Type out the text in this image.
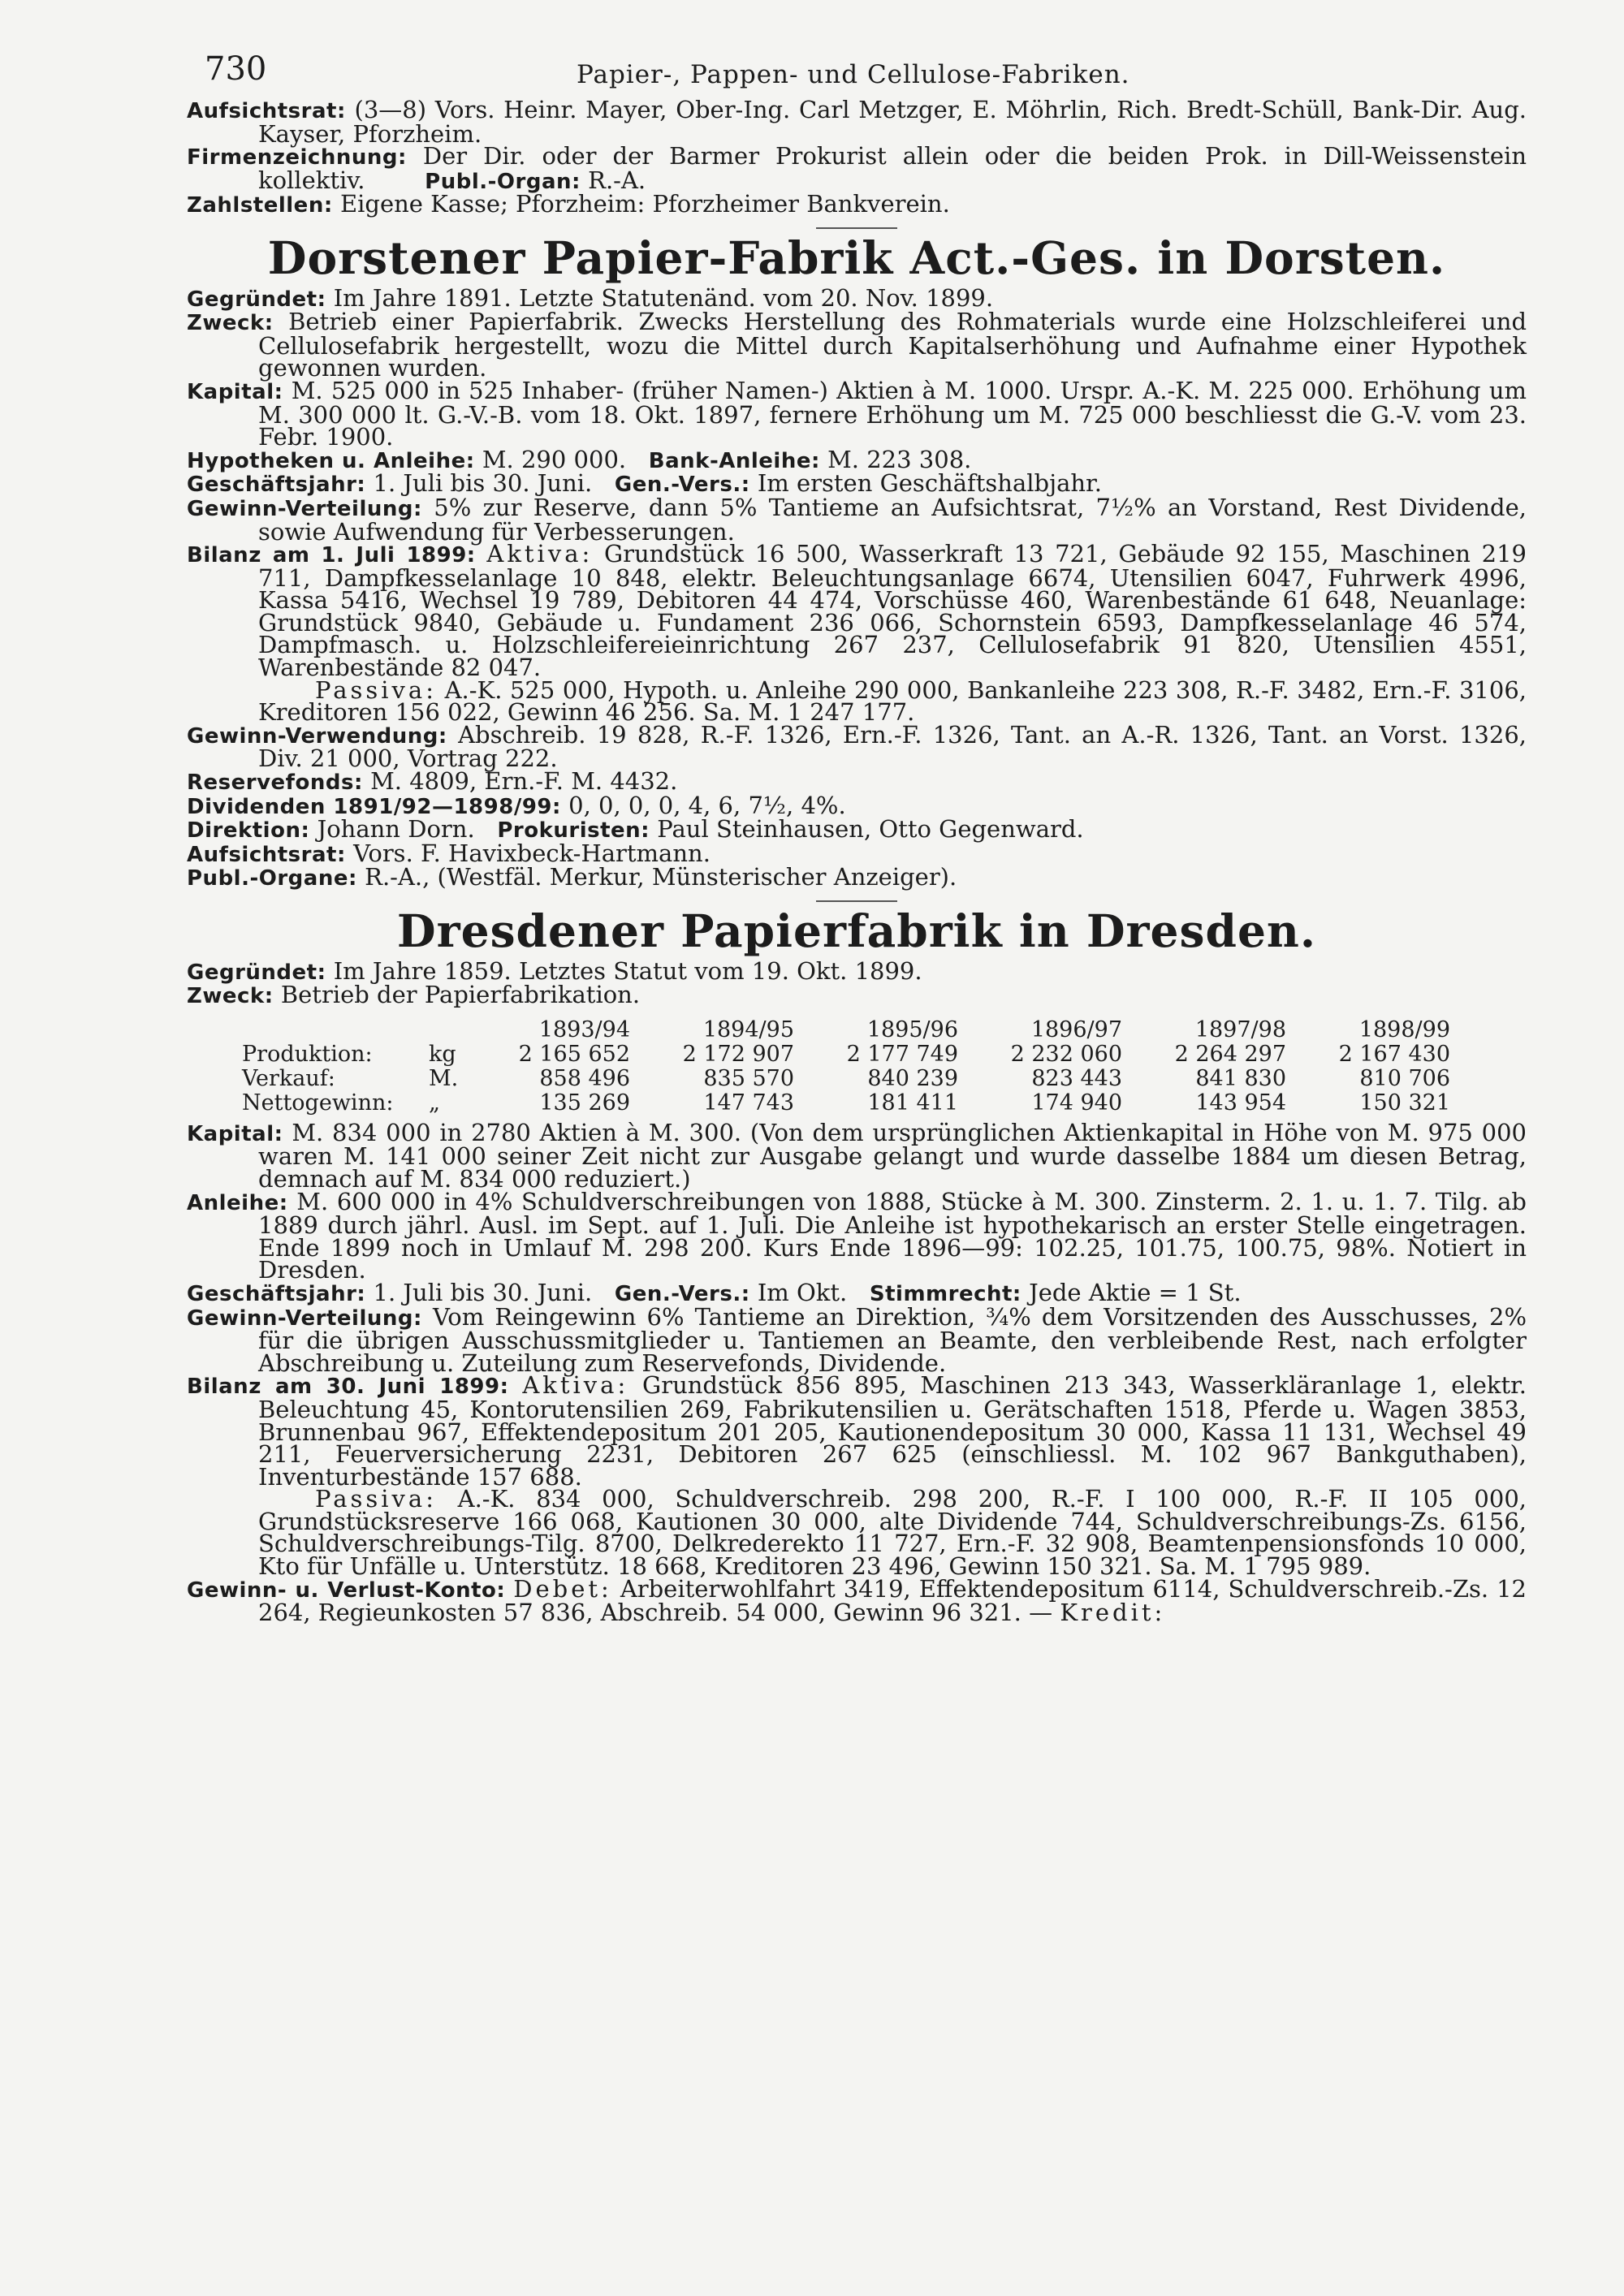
730	Papier-, Pappen- und Cellulose-Fabriken.

Aufsichtsrat: (3—8) Vors. Heinr. Mayer, Ober-Ing. Carl Metzger, E. Möhrlin, Rich. Bredt-Schüll, Bank-Dir. Aug. Kayser, Pforzheim.

Firmenzeichnung: Der Dir. oder der Barmer Prokurist allein oder die beiden Prok. in Dill-Weissenstein kollektiv.	Publ.-Organ: R.-A.

Zahlstellen: Eigene Kasse; Pforzheim: Pforzheimer Bankverein.

Dorstener Papier-Fabrik Act.-Ges. in Dorsten.

Gegründet: Im Jahre 1891. Letzte Statutenänd. vom 20. Nov. 1899.

Zweck: Betrieb einer Papierfabrik. Zwecks Herstellung des Rohmaterials wurde eine Holzschleiferei und Cellulosefabrik hergestellt, wozu die Mittel durch Kapitalserhöhung und Aufnahme einer Hypothek gewonnen wurden.

Kapital: M. 525 000 in 525 Inhaber- (früher Namen-) Aktien à M. 1000. Urspr. A.-K. M. 225 000. Erhöhung um M. 300 000 lt. G.-V.-B. vom 18. Okt. 1897, fernere Erhöhung um M. 725 000 beschliesst die G.-V. vom 23. Febr. 1900.

Hypotheken u. Anleihe: M. 290 000. Bank-Anleihe: M. 223 308.

Geschäftsjahr: 1. Juli bis 30. Juni. Gen.-Vers.: Im ersten Geschäftshalbjahr.

Gewinn-Verteilung: 5% zur Reserve, dann 5% Tantieme an Aufsichtsrat, 7½% an Vorstand, Rest Dividende, sowie Aufwendung für Verbesserungen.

Bilanz am 1. Juli 1899: Aktiva: Grundstück 16 500, Wasserkraft 13 721, Gebäude 92 155, Maschinen 219 711, Dampfkesselanlage 10 848, elektr. Beleuchtungsanlage 6674, Utensilien 6047, Fuhrwerk 4996, Kassa 5416, Wechsel 19 789, Debitoren 44 474, Vorschüsse 460, Warenbestände 61 648, Neuanlage: Grundstück 9840, Gebäude u. Fundament 236 066, Schornstein 6593, Dampfkesselanlage 46 574, Dampfmasch. u. Holzschleifereieinrichtung 267 237, Cellulosefabrik 91 820, Utensilien 4551, Warenbestände 82 047.

Passiva: A.-K. 525 000, Hypoth. u. Anleihe 290 000, Bankanleihe 223 308, R.-F. 3482, Ern.-F. 3106, Kreditoren 156 022, Gewinn 46 256. Sa. M. 1 247 177.

Gewinn-Verwendung: Abschreib. 19 828, R.-F. 1326, Ern.-F. 1326, Tant. an A.-R. 1326, Tant. an Vorst. 1326, Div. 21 000, Vortrag 222.

Reservefonds: M. 4809, Ern.-F. M. 4432.

Dividenden 1891/92—1898/99: 0, 0, 0, 0, 4, 6, 7½, 4%.

Direktion: Johann Dorn. Prokuristen: Paul Steinhausen, Otto Gegenward.

Aufsichtsrat: Vors. F. Havixbeck-Hartmann.

Publ.-Organe: R.-A., (Westfäl. Merkur, Münsterischer Anzeiger).

Dresdener Papierfabrik in Dresden.

Gegründet: Im Jahre 1859. Letztes Statut vom 19. Okt. 1899.

Zweck: Betrieb der Papierfabrikation.

		1893/94	1894/95	1895/96	1896/97	1897/98	1898/99
Produktion:	kg	2 165 652	2 172 907	2 177 749	2 232 060	2 264 297	2 167 430
Verkauf:	M.	858 496	835 570	840 239	823 443	841 830	810 706
Nettogewinn:	„	135 269	147 743	181 411	174 940	143 954	150 321

Kapital: M. 834 000 in 2780 Aktien à M. 300. (Von dem ursprünglichen Aktienkapital in Höhe von M. 975 000 waren M. 141 000 seiner Zeit nicht zur Ausgabe gelangt und wurde dasselbe 1884 um diesen Betrag, demnach auf M. 834 000 reduziert.)

Anleihe: M. 600 000 in 4% Schuldverschreibungen von 1888, Stücke à M. 300. Zinsterm. 2. 1. u. 1. 7. Tilg. ab 1889 durch jährl. Ausl. im Sept. auf 1. Juli. Die Anleihe ist hypothekarisch an erster Stelle eingetragen. Ende 1899 noch in Umlauf M. 298 200. Kurs Ende 1896—99: 102.25, 101.75, 100.75, 98%. Notiert in Dresden.

Geschäftsjahr: 1. Juli bis 30. Juni. Gen.-Vers.: Im Okt. Stimmrecht: Jede Aktie = 1 St.

Gewinn-Verteilung: Vom Reingewinn 6% Tantieme an Direktion, ¾% dem Vorsitzenden des Ausschusses, 2% für die übrigen Ausschussmitglieder u. Tantiemen an Beamte, den verbleibende Rest, nach erfolgter Abschreibung u. Zuteilung zum Reservefonds, Dividende.

Bilanz am 30. Juni 1899: Aktiva: Grundstück 856 895, Maschinen 213 343, Wasserkläranlage 1, elektr. Beleuchtung 45, Kontorutensilien 269, Fabrikutensilien u. Gerätschaften 1518, Pferde u. Wagen 3853, Brunnenbau 967, Effektendepositum 201 205, Kautionendepositum 30 000, Kassa 11 131, Wechsel 49 211, Feuerversicherung 2231, Debitoren 267 625 (einschliessl. M. 102 967 Bankguthaben), Inventurbestände 157 688.

Passiva: A.-K. 834 000, Schuldverschreib. 298 200, R.-F. I 100 000, R.-F. II 105 000, Grundstücksreserve 166 068, Kautionen 30 000, alte Dividende 744, Schuldverschreibungs-Zs. 6156, Schuldverschreibungs-Tilg. 8700, Delkrederekto 11 727, Ern.-F. 32 908, Beamtenpensionsfonds 10 000, Kto für Unfälle u. Unterstütz. 18 668, Kreditoren 23 496, Gewinn 150 321. Sa. M. 1 795 989.

Gewinn- u. Verlust-Konto: Debet: Arbeiterwohlfahrt 3419, Effektendepositum 6114, Schuldverschreib.-Zs. 12 264, Regieunkosten 57 836, Abschreib. 54 000, Gewinn 96 321. — Kredit:
